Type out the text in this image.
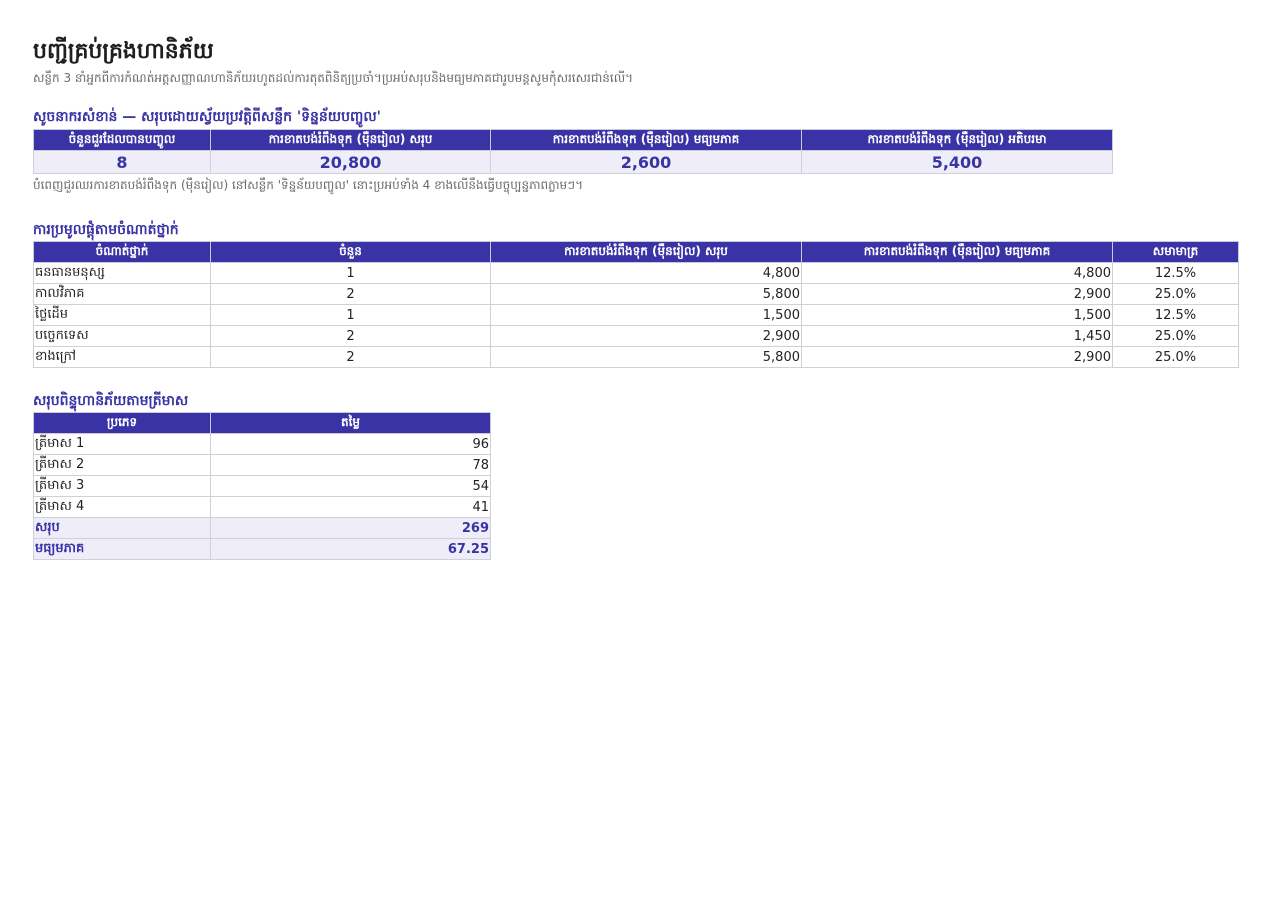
បញ្ជីគ្រប់គ្រងហានិភ័យ
សន្លឹក 3 នាំអ្នកពីការកំណត់អត្តសញ្ញាណហានិភ័យរហូតដល់ការតុតពិនិត្យប្រចាំ។ប្រអប់សរុបនិងមធ្យមភាគជារូបមន្តសូមកុំសរសេរជាន់លើ។
សូចនាករសំខាន់ — សរុបដោយស្វ័យប្រវត្តិពីសន្លឹក 'ទិន្នន័យបញ្ចូល'
ចំនួនជួរដែលបានបញ្ចូល	ការខាតបង់រំពឹងទុក (ម៉ឺនរៀល) សរុប	ការខាតបង់រំពឹងទុក (ម៉ឺនរៀល) មធ្យមភាគ	ការខាតបង់រំពឹងទុក (ម៉ឺនរៀល) អតិបរមា
8	20,800	2,600	5,400
បំពេញជួរឈរការខាតបង់រំពឹងទុក (ម៉ឺនរៀល) នៅសន្លឹក 'ទិន្នន័យបញ្ចូល' នោះប្រអប់ទាំង 4 ខាងលើនឹងធ្វើបច្ចុប្បន្នភាពភ្លាមៗ។
ការប្រមូលផ្តុំតាមចំណាត់ថ្នាក់
ចំណាត់ថ្នាក់	ចំនួន	ការខាតបង់រំពឹងទុក (ម៉ឺនរៀល) សរុប	ការខាតបង់រំពឹងទុក (ម៉ឺនរៀល) មធ្យមភាគ	សមាមាត្រ
ធនធានមនុស្ស	1	4,800	4,800	12.5%
កាលវិភាគ	2	5,800	2,900	25.0%
ថ្លៃដើម	1	1,500	1,500	12.5%
បច្ចេកទេស	2	2,900	1,450	25.0%
ខាងក្រៅ	2	5,800	2,900	25.0%
សរុបពិន្ទុហានិភ័យតាមត្រីមាស
ប្រភេទ	តម្លៃ
ត្រីមាស 1	96
ត្រីមាស 2	78
ត្រីមាស 3	54
ត្រីមាស 4	41
សរុប	269
មធ្យមភាគ	67.25
